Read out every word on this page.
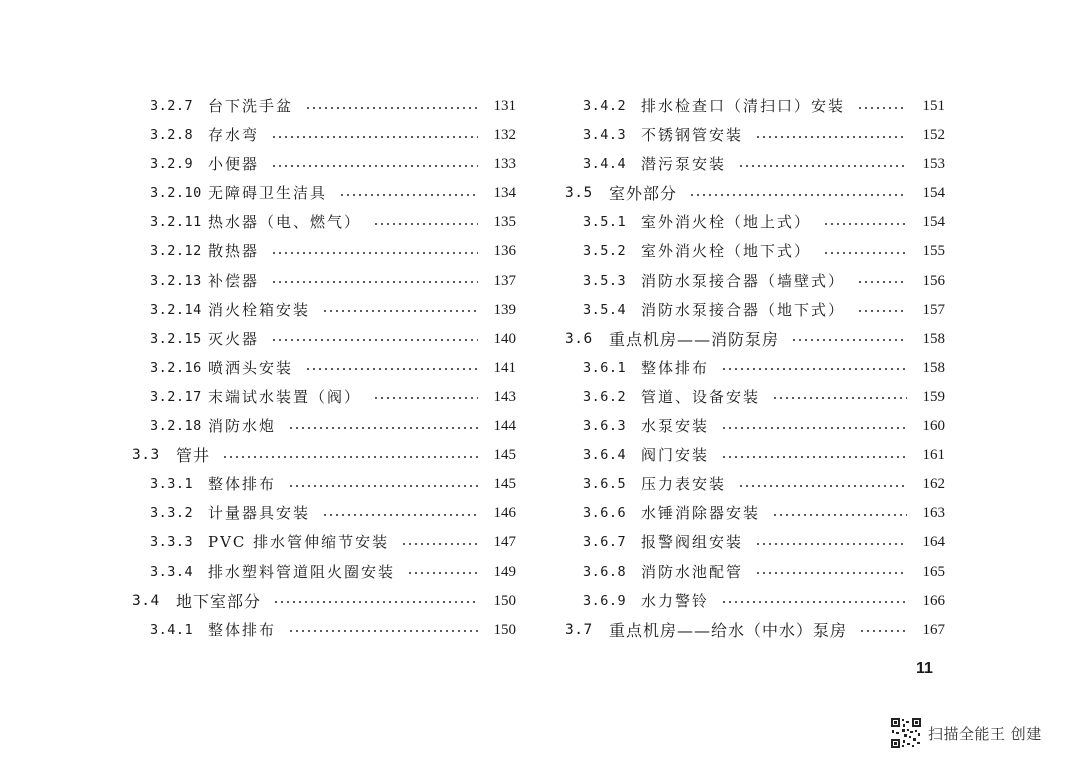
3.2.7 台下洗手盆	131
3.2.8 存水弯	132
3.2.9 小便器	133
3.2.10 无障碍卫生洁具	134
3.2.11 热水器（电、燃气）	135
3.2.12 散热器	136
3.2.13 补偿器	137
3.2.14 消火栓箱安装	139
3.2.15 灭火器	140
3.2.16 喷洒头安装	141
3.2.17 末端试水装置（阀）	143
3.2.18 消防水炮	144
3.3	管井	145
3.3.1 整体排布	145
3.3.2 计量器具安装	146
3.3.3 PVC 排水管伸缩节安装	147
3.3.4 排水塑料管道阻火圈安装	149
3.4	地下室部分	150
3.4.1 整体排布	150
3.4.2 排水检查口（清扫口）安装	151
3.4.3 不锈钢管安装	152
3.4.4 潜污泵安装	153
3.5	室外部分	154
3.5.1 室外消火栓（地上式）	154
3.5.2 室外消火栓（地下式）	155
3.5.3 消防水泵接合器（墙壁式）	156
3.5.4 消防水泵接合器（地下式）	157
3.6	重点机房——消防泵房	158
3.6.1 整体排布	158
3.6.2 管道、设备安装	159
3.6.3 水泵安装	160
3.6.4 阀门安装	161
3.6.5 压力表安装	162
3.6.6 水锤消除器安装	163
3.6.7 报警阀组安装	164
3.6.8 消防水池配管	165
3.6.9 水力警铃	166
3.7	重点机房——给水（中水）泵房	167
11
扫描全能王 创建
